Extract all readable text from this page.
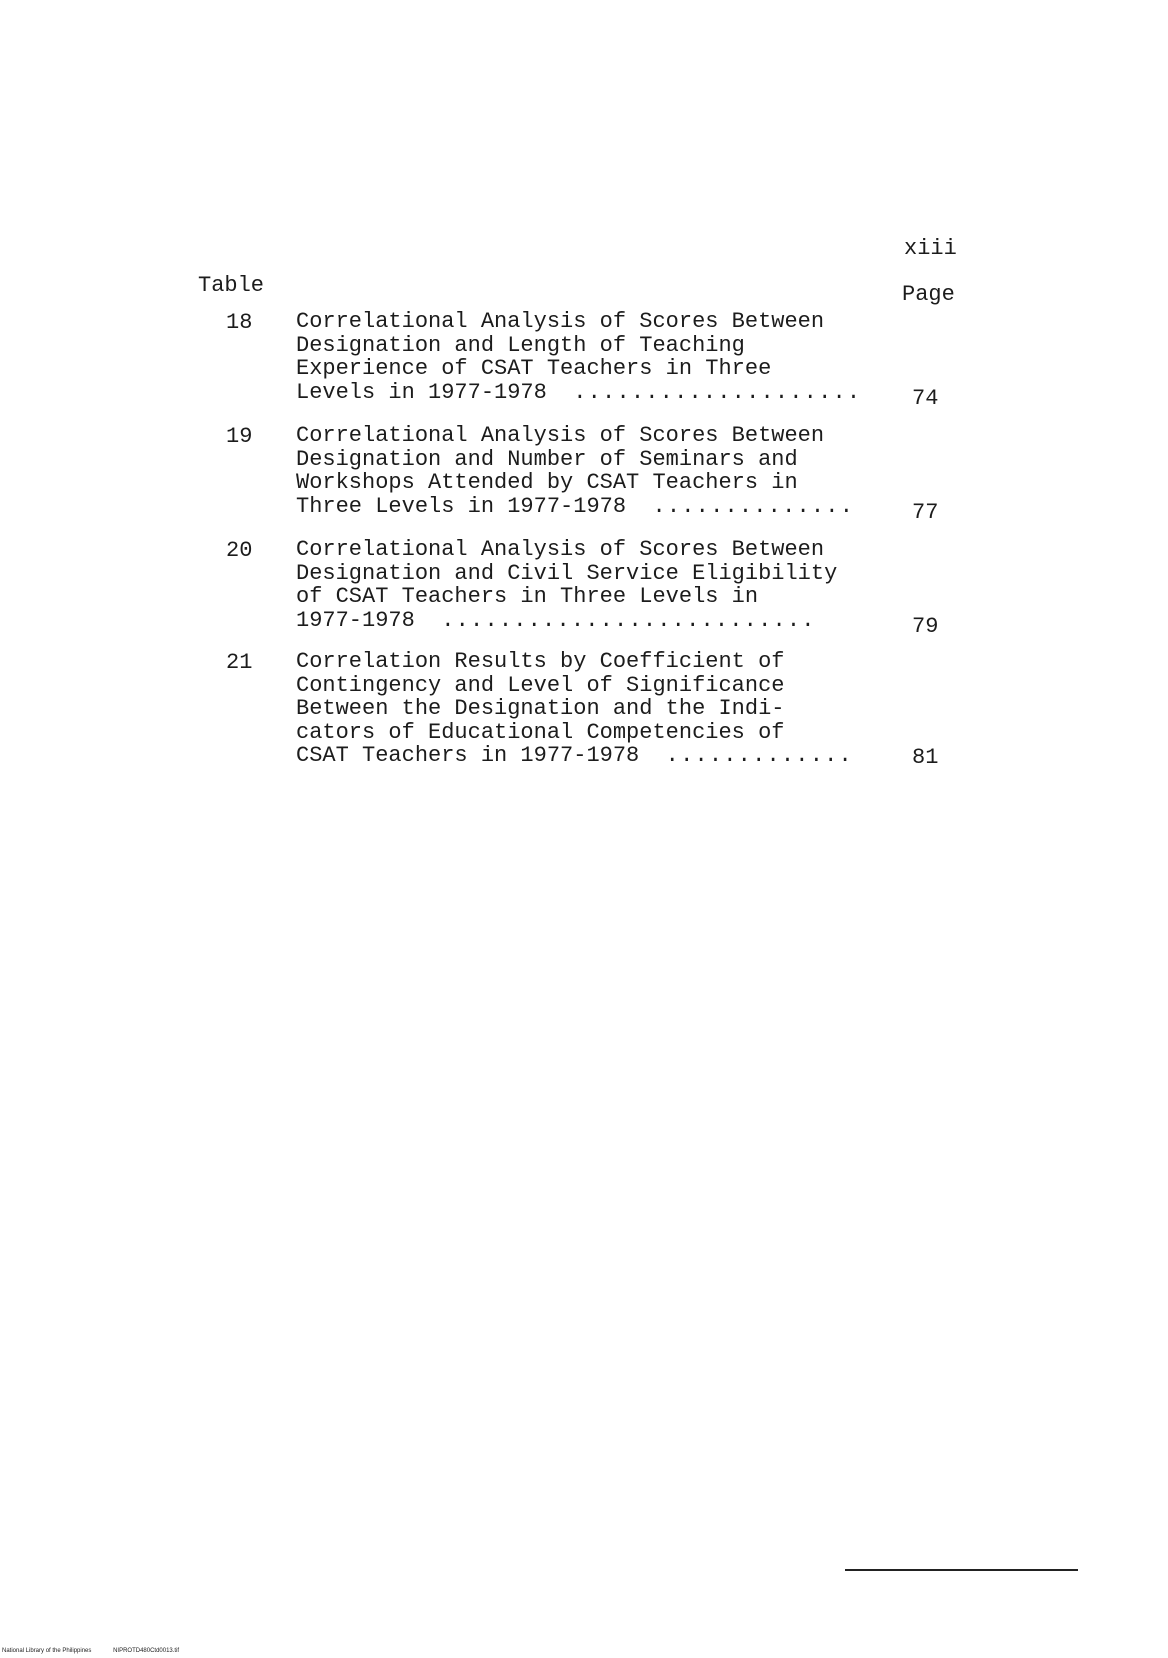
xiii
Table	Page
18 Correlational Analysis of Scores Between
Designation and Length of Teaching
Experience of CSAT Teachers in Three
Levels in 1977-1978 ....................	74
19 Correlational Analysis of Scores Between
Designation and Number of Seminars and
Workshops Attended by CSAT Teachers in
Three Levels in 1977-1978 ..............	77
20 Correlational Analysis of Scores Between
Designation and Civil Service Eligibility
of CSAT Teachers in Three Levels in
1977-1978 ..........................	79
21 Correlation Results by Coefficient of
Contingency and Level of Significance
Between the Designation and the Indi-
cators of Educational Competencies of
CSAT Teachers in 1977-1978 .............	81
National Library of the Philippines	NIPROTD480Ctd0013.tif
